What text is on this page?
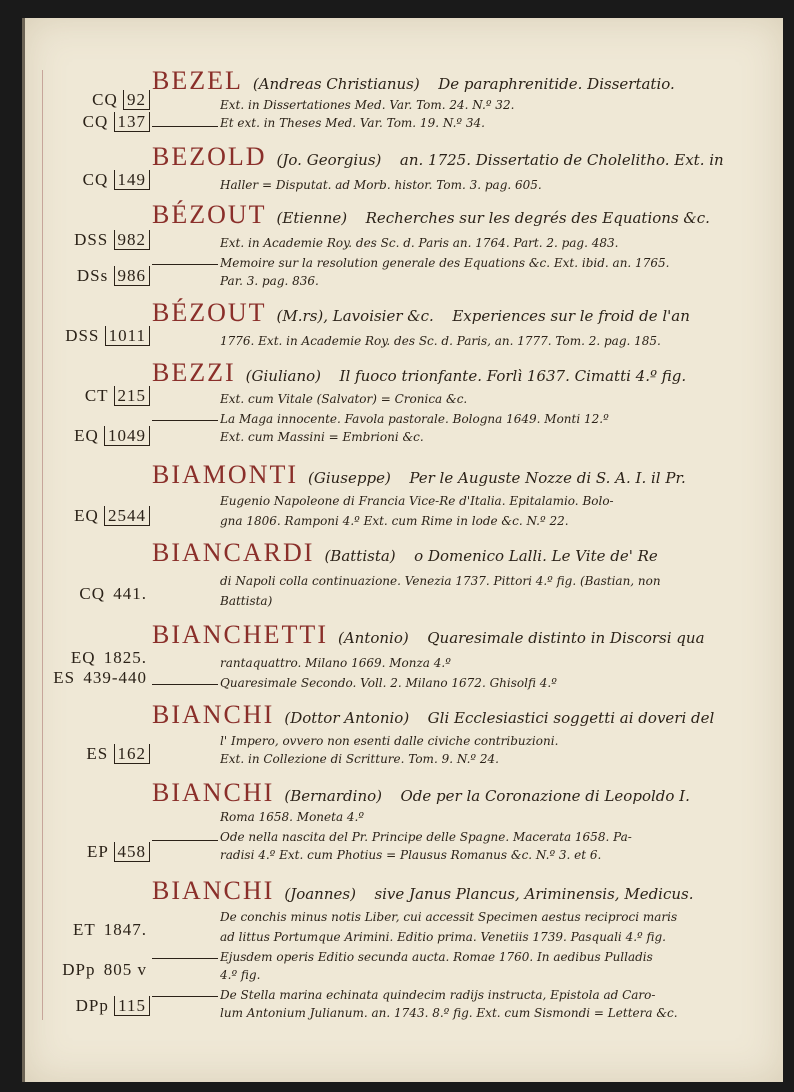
BEZEL (Andreas Christianus) De paraphrenitide. Dissertatio.
Ext. in Dissertationes Med. Var. Tom. 24. N.º 32.
Et ext. in Theses Med. Var. Tom. 19. N.º 34.
CQ 92
CQ 137
BEZOLD (Jo. Georgius) an. 1725. Dissertatio de Cholelitho. Ext. in
Haller = Disputat. ad Morb. histor. Tom. 3. pag. 605.
CQ 149
BÉZOUT (Etienne) Recherches sur les degrés des Equations &c.
Ext. in Academie Roy. des Sc. d. Paris an. 1764. Part. 2. pag. 483.
Memoire sur la resolution generale des Equations &c. Ext. ibid. an. 1765.
Par. 3. pag. 836.
DSS 982
DSs 986
BÉZOUT (M.rs), Lavoisier &c. Experiences sur le froid de l'an
1776. Ext. in Academie Roy. des Sc. d. Paris, an. 1777. Tom. 2. pag. 185.
DSS 1011
BEZZI (Giuliano) Il fuoco trionfante. Forlì 1637. Cimatti 4.º fig.
Ext. cum Vitale (Salvator) = Cronica &c.
La Maga innocente. Favola pastorale. Bologna 1649. Monti 12.º
Ext. cum Massini = Embrioni &c.
CT 215
EQ 1049
BIAMONTI (Giuseppe) Per le Auguste Nozze di S. A. I. il Pr.
Eugenio Napoleone di Francia Vice-Re d'Italia. Epitalamio. Bolo-
gna 1806. Ramponi 4.º Ext. cum Rime in lode &c. N.º 22.
EQ 2544
BIANCARDI (Battista) o Domenico Lalli. Le Vite de' Re
di Napoli colla continuazione. Venezia 1737. Pittori 4.º fig. (Bastian, non
Battista)
CQ 441.
BIANCHETTI (Antonio) Quaresimale distinto in Discorsi qua
rantaquattro. Milano 1669. Monza 4.º
Quaresimale Secondo. Voll. 2. Milano 1672. Ghisolfi 4.º
EQ 1825.
ES 439-440
BIANCHI (Dottor Antonio) Gli Ecclesiastici soggetti ai doveri del
l' Impero, ovvero non esenti dalle civiche contribuzioni.
Ext. in Collezione di Scritture. Tom. 9. N.º 24.
ES 162
BIANCHI (Bernardino) Ode per la Coronazione di Leopoldo I.
Roma 1658. Moneta 4.º
Ode nella nascita del Pr. Principe delle Spagne. Macerata 1658. Pa-
radisi 4.º Ext. cum Photius = Plausus Romanus &c. N.º 3. et 6.
EP 458
BIANCHI (Joannes) sive Janus Plancus, Ariminensis, Medicus.
De conchis minus notis Liber, cui accessit Specimen aestus reciproci maris
ad littus Portumque Arimini. Editio prima. Venetiis 1739. Pasquali 4.º fig.
Ejusdem operis Editio secunda aucta. Romae 1760. In aedibus Pulladis
4.º fig.
De Stella marina echinata quindecim radijs instructa, Epistola ad Caro-
lum Antonium Julianum. an. 1743. 8.º fig. Ext. cum Sismondi = Lettera &c.
ET 1847.
DPp 805 v
DPp 115
